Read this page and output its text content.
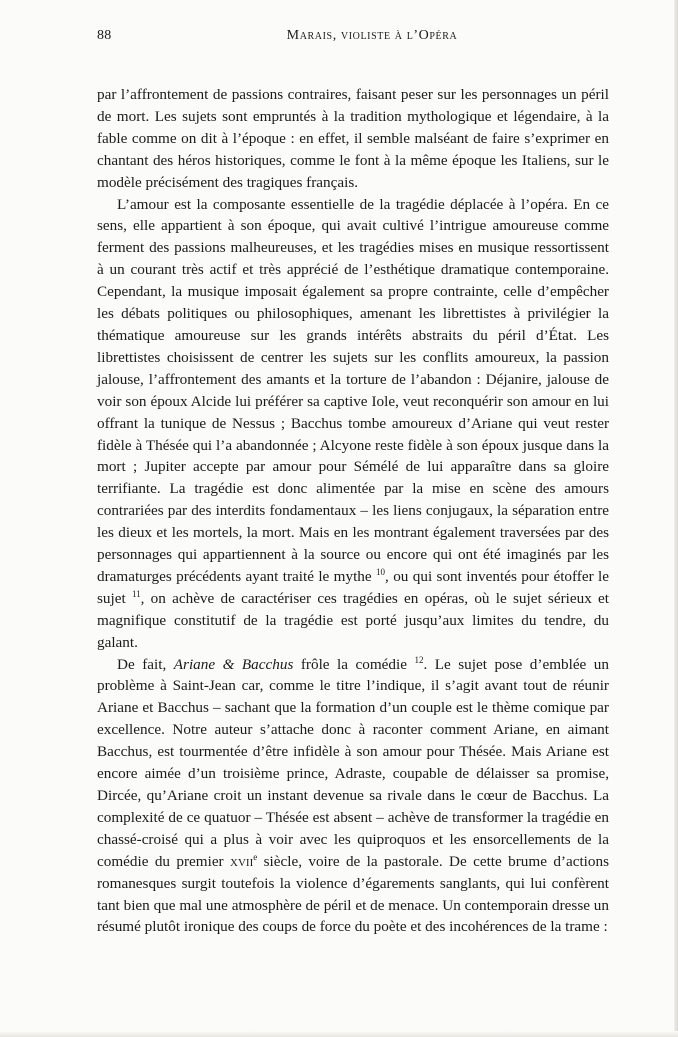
88	Marais, violiste à l’Opéra

par l’affrontement de passions contraires, faisant peser sur les personnages un péril de mort. Les sujets sont empruntés à la tradition mythologique et légendaire, à la fable comme on dit à l’époque : en effet, il semble malséant de faire s’exprimer en chantant des héros historiques, comme le font à la même époque les Italiens, sur le modèle précisément des tragiques français.

L’amour est la composante essentielle de la tragédie déplacée à l’opéra. En ce sens, elle appartient à son époque, qui avait cultivé l’intrigue amoureuse comme ferment des passions malheureuses, et les tragédies mises en musique ressortissent à un courant très actif et très apprécié de l’esthétique dramatique contemporaine. Cependant, la musique imposait également sa propre contrainte, celle d’empêcher les débats politiques ou philosophiques, amenant les librettistes à privilégier la thématique amoureuse sur les grands intérêts abstraits du péril d’État. Les librettistes choisissent de centrer les sujets sur les conflits amoureux, la passion jalouse, l’affrontement des amants et la torture de l’abandon : Déjanire, jalouse de voir son époux Alcide lui préférer sa captive Iole, veut reconquérir son amour en lui offrant la tunique de Nessus ; Bacchus tombe amoureux d’Ariane qui veut rester fidèle à Thésée qui l’a abandonnée ; Alcyone reste fidèle à son époux jusque dans la mort ; Jupiter accepte par amour pour Sémélé de lui apparaître dans sa gloire terrifiante. La tragédie est donc alimentée par la mise en scène des amours contrariées par des interdits fondamentaux – les liens conjugaux, la séparation entre les dieux et les mortels, la mort. Mais en les montrant également traversées par des personnages qui appartiennent à la source ou encore qui ont été imaginés par les dramaturges précédents ayant traité le mythe $^{10}$, ou qui sont inventés pour étoffer le sujet $^{11}$, on achève de caractériser ces tragédies en opéras, où le sujet sérieux et magnifique constitutif de la tragédie est porté jusqu’aux limites du tendre, du galant.

De fait, Ariane & Bacchus frôle la comédie $^{12}$. Le sujet pose d’emblée un problème à Saint-Jean car, comme le titre l’indique, il s’agit avant tout de réunir Ariane et Bacchus – sachant que la formation d’un couple est le thème comique par excellence. Notre auteur s’attache donc à raconter comment Ariane, en aimant Bacchus, est tourmentée d’être infidèle à son amour pour Thésée. Mais Ariane est encore aimée d’un troisième prince, Adraste, coupable de délaisser sa promise, Dircée, qu’Ariane croit un instant devenue sa rivale dans le cœur de Bacchus. La complexité de ce quatuor – Thésée est absent – achève de transformer la tragédie en chassé-croisé qui a plus à voir avec les quiproquos et les ensorcellements de la comédie du premier xvii$^e$ siècle, voire de la pastorale. De cette brume d’actions romanesques surgit toutefois la violence d’égarements sanglants, qui lui confèrent tant bien que mal une atmosphère de péril et de menace. Un contemporain dresse un résumé plutôt ironique des coups de force du poète et des incohérences de la trame :
